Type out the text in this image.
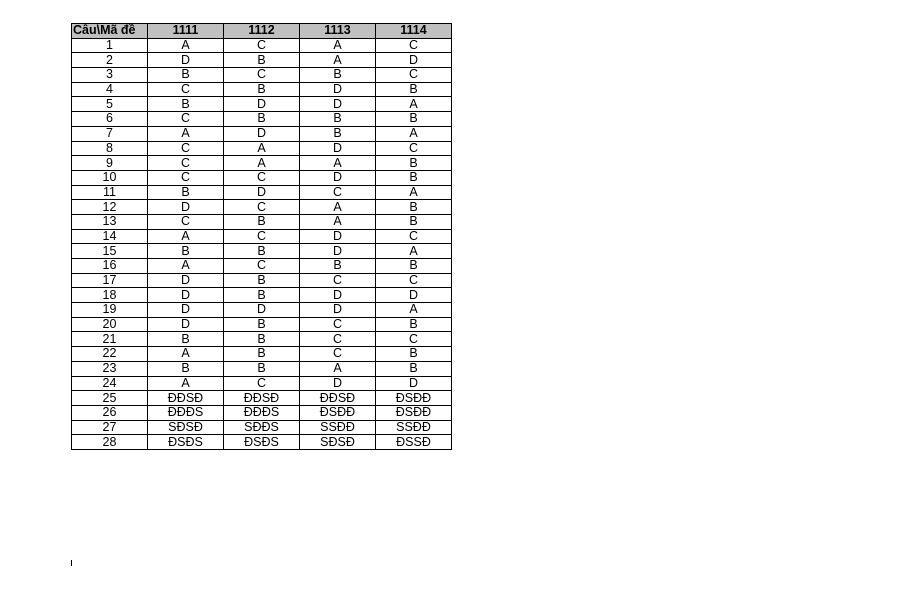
Câu\Mã đề	1111	1112	1113	1114
1	A	C	A	C
2	D	B	A	D
3	B	C	B	C
4	C	B	D	B
5	B	D	D	A
6	C	B	B	B
7	A	D	B	A
8	C	A	D	C
9	C	A	A	B
10	C	C	D	B
11	B	D	C	A
12	D	C	A	B
13	C	B	A	B
14	A	C	D	C
15	B	B	D	A
16	A	C	B	B
17	D	B	C	C
18	D	B	D	D
19	D	D	D	A
20	D	B	C	B
21	B	B	C	C
22	A	B	C	B
23	B	B	A	B
24	A	C	D	D
25	ĐĐSĐ	ĐĐSĐ	ĐĐSĐ	ĐSĐĐ
26	ĐĐĐS	ĐĐĐS	ĐSĐĐ	ĐSĐĐ
27	SĐSĐ	SĐĐS	SSĐĐ	SSĐĐ
28	ĐSĐS	ĐSĐS	SĐSĐ	ĐSSĐ
